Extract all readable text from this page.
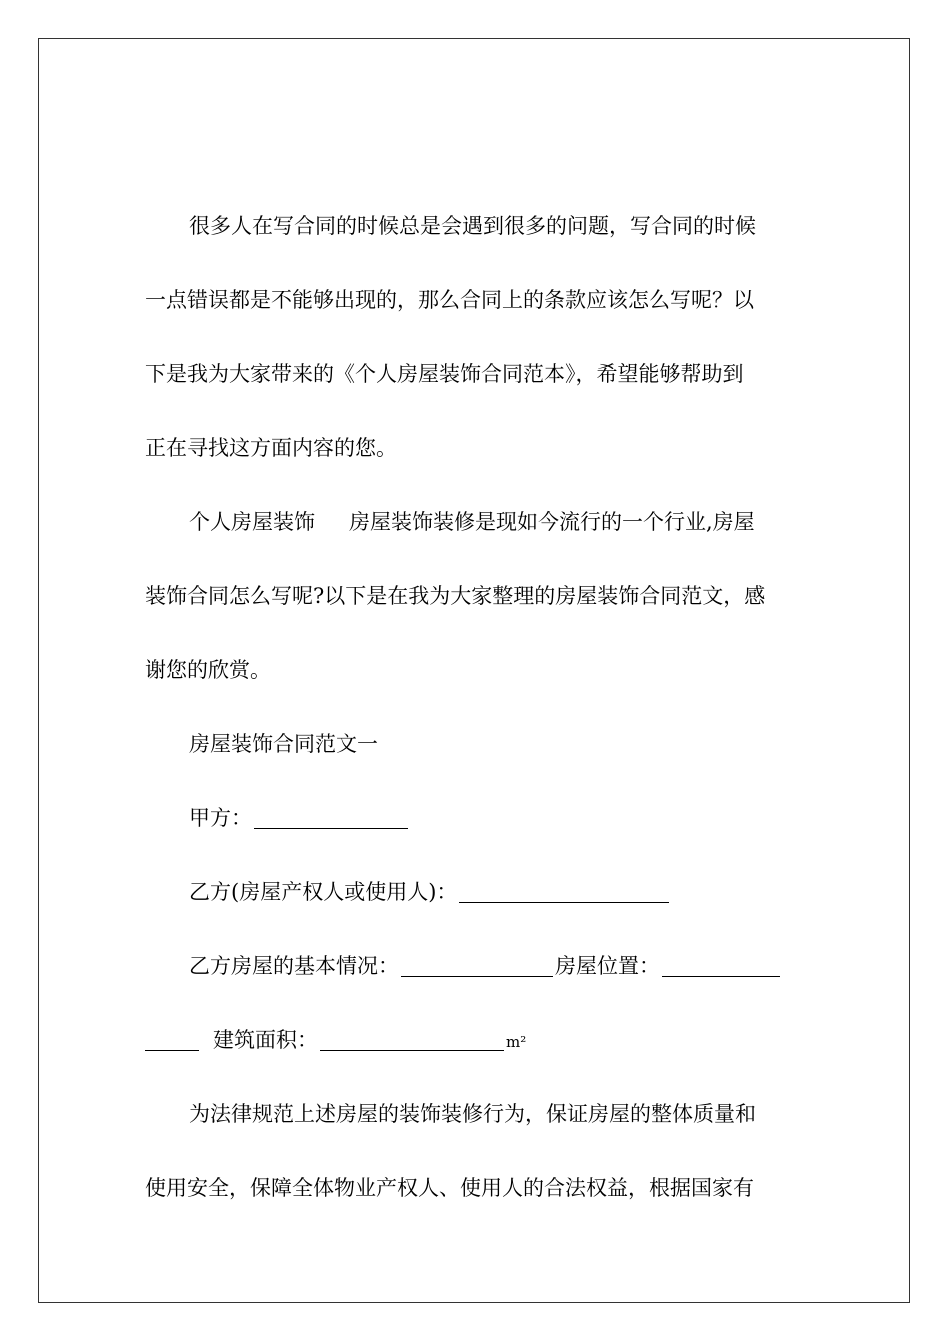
很多人在写合同的时候总是会遇到很多的问题，写合同的时候
一点错误都是不能够出现的，那么合同上的条款应该怎么写呢？以
下是我为大家带来的《个人房屋装饰合同范本》，希望能够帮助到
正在寻找这方面内容的您。
个人房屋装饰 房屋装饰装修是现如今流行的一个行业,房屋
装饰合同怎么写呢?以下是在我为大家整理的房屋装饰合同范文，感
谢您的欣赏。
房屋装饰合同范文一
甲方：
乙方(房屋产权人或使用人)：
乙方房屋的基本情况：	房屋位置：
建筑面积：	m²
为法律规范上述房屋的装饰装修行为，保证房屋的整体质量和
使用安全，保障全体物业产权人、使用人的合法权益，根据国家有
